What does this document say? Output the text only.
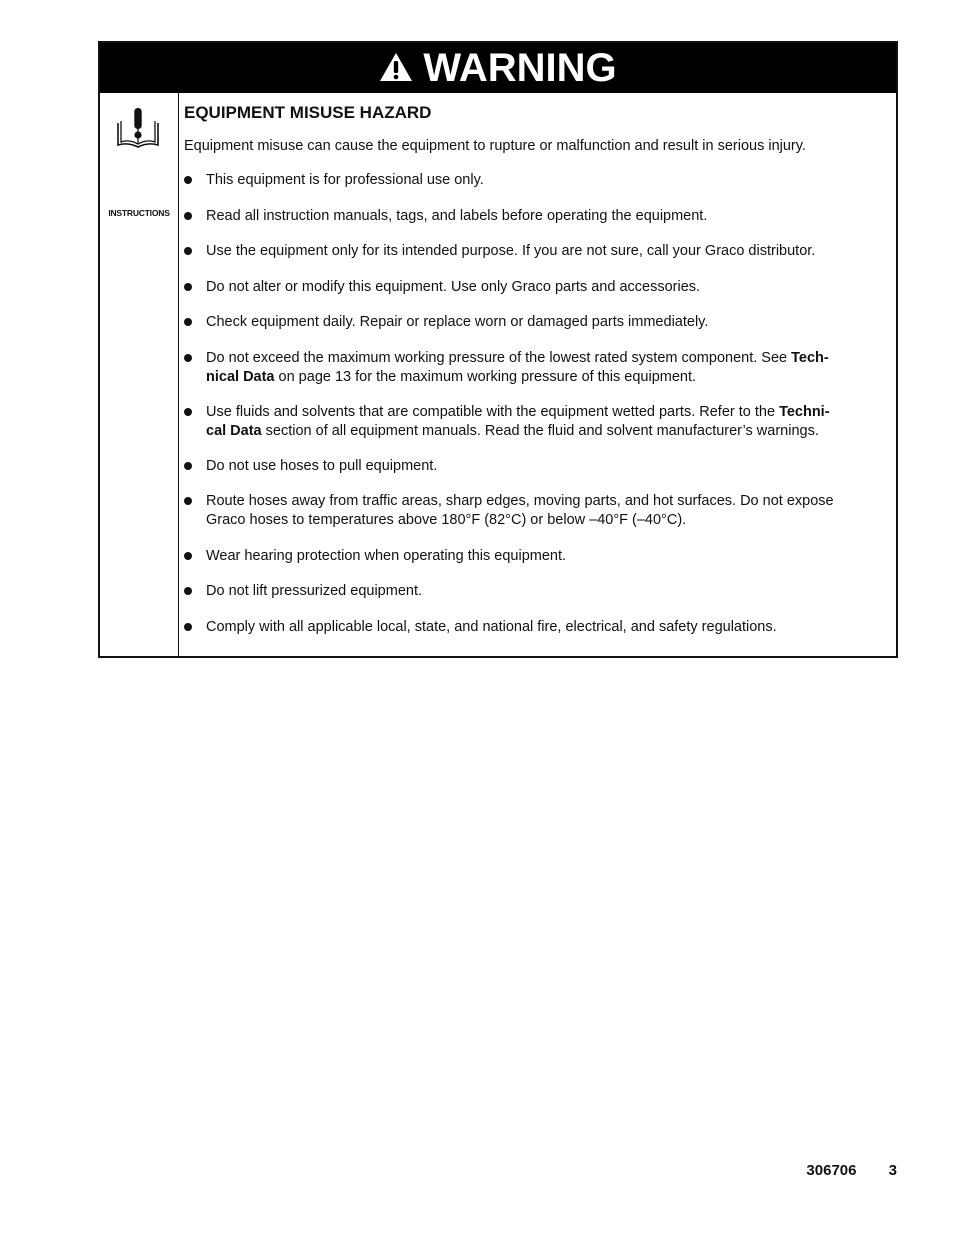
WARNING
INSTRUCTIONS
EQUIPMENT MISUSE HAZARD
Equipment misuse can cause the equipment to rupture or malfunction and result in serious injury.
This equipment is for professional use only.
Read all instruction manuals, tags, and labels before operating the equipment.
Use the equipment only for its intended purpose. If you are not sure, call your Graco distributor.
Do not alter or modify this equipment. Use only Graco parts and accessories.
Check equipment daily. Repair or replace worn or damaged parts immediately.
Do not exceed the maximum working pressure of the lowest rated system component. See Tech-
nical Data on page 13 for the maximum working pressure of this equipment.
Use fluids and solvents that are compatible with the equipment wetted parts. Refer to the Techni-
cal Data section of all equipment manuals. Read the fluid and solvent manufacturer’s warnings.
Do not use hoses to pull equipment.
Route hoses away from traffic areas, sharp edges, moving parts, and hot surfaces. Do not expose
Graco hoses to temperatures above 180°F (82°C) or below –40°F (–40°C).
Wear hearing protection when operating this equipment.
Do not lift pressurized equipment.
Comply with all applicable local, state, and national fire, electrical, and safety regulations.
306706 3
